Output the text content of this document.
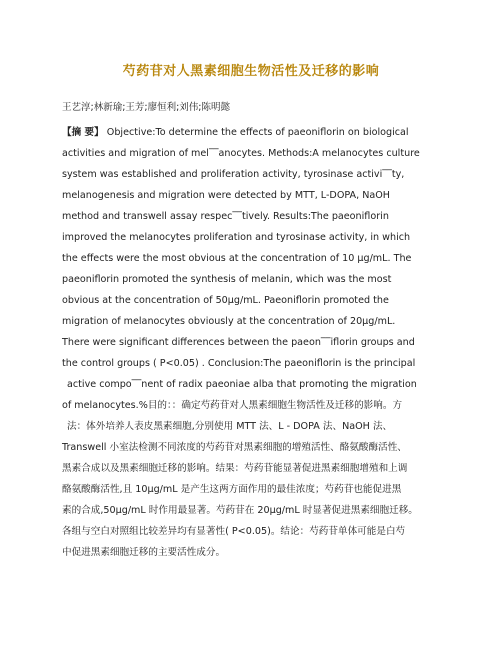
芍药苷对人黑素细胞生物活性及迁移的影响
王艺淳;林新瑜;王芳;廖恒利;刘伟;陈明懿
【摘 要】 Objective:To determine the effects of paeoniflorin on biological
activities and migration of mel‾‾anocytes. Methods:A melanocytes culture
system was established and proliferation activity, tyrosinase activi‾‾ty,
melanogenesis and migration were detected by MTT, L-DOPA, NaOH
method and transwell assay respec‾‾tively. Results:The paeoniflorin
improved the melanocytes proliferation and tyrosinase activity, in which
the effects were the most obvious at the concentration of 10 μg/mL. The
paeoniflorin promoted the synthesis of melanin, which was the most
obvious at the concentration of 50μg/mL. Paeoniflorin promoted the
migration of melanocytes obviously at the concentration of 20μg/mL.
There were significant differences between the paeon‾‾iflorin groups and
the control groups ( P<0.05) . Conclusion:The paeoniflorin is the principal
active compo‾‾nent of radix paeoniae alba that promoting the migration
of melanocytes.%目的：：确定芍药苷对人黑素细胞生物活性及迁移的影响。方
法：体外培养人表皮黑素细胞,分别使用 MTT 法、L - DOPA 法、NaOH 法、
Transwell 小室法检测不同浓度的芍药苷对黑素细胞的增殖活性、酪氨酸酶活性、
黑素合成以及黑素细胞迁移的影响。结果：芍药苷能显著促进黑素细胞增殖和上调
酪氨酸酶活性,且 10μg/mL 是产生这两方面作用的最佳浓度；芍药苷也能促进黑
素的合成,50μg/mL 时作用最显著。芍药苷在 20μg/mL 时显著促进黑素细胞迁移。
各组与空白对照组比较差异均有显著性( P<0.05)。结论：芍药苷单体可能是白芍
中促进黑素细胞迁移的主要活性成分。
